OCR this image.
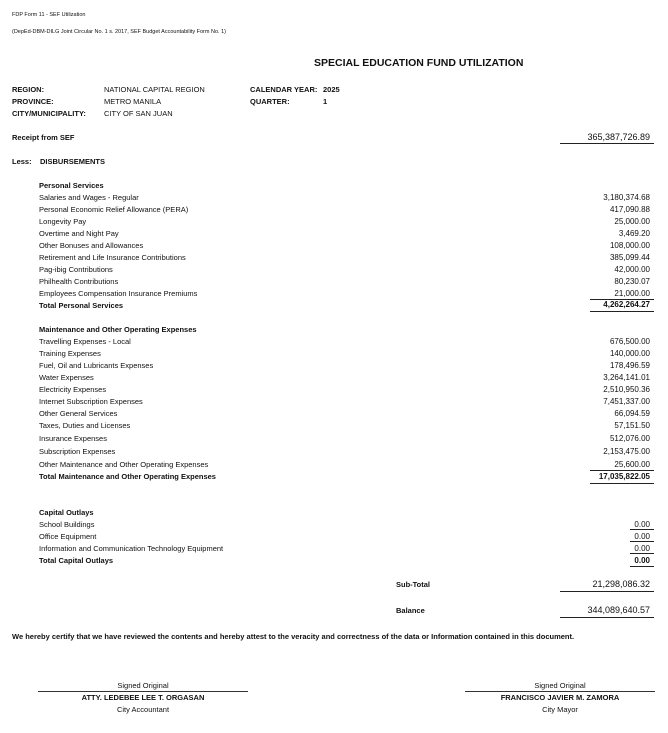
FDP Form 11 - SEF Utilization
(DepEd-DBM-DILG Joint Circular No. 1 s. 2017, SEF Budget Accountability Form No. 1)
SPECIAL EDUCATION FUND UTILIZATION
REGION:	NATIONAL CAPITAL REGION
PROVINCE:	METRO MANILA
CITY/MUNICIPALITY: CITY OF SAN JUAN
CALENDAR YEAR: 2025
QUARTER:	1
Receipt from SEF	365,387,726.89
Less: DISBURSEMENTS
Personal Services
Salaries and Wages - Regular	3,180,374.68
Personal Economic Relief Allowance (PERA)	417,090.88
Longevity Pay	25,000.00
Overtime and Night Pay	3,469.20
Other Bonuses and Allowances	108,000.00
Retirement and Life Insurance Contributions	385,099.44
Pag-ibig Contributions	42,000.00
Philhealth Contributions	80,230.07
Employees Compensation Insurance Premiums	21,000.00
Total Personal Services	4,262,264.27
Maintenance and Other Operating Expenses
Travelling Expenses - Local	676,500.00
Training Expenses	140,000.00
Fuel, Oil and Lubricants Expenses	178,496.59
Water Expenses	3,264,141.01
Electricity Expenses	2,510,950.36
Internet Subscription Expenses	7,451,337.00
Other General Services	66,094.59
Taxes, Duties and Licenses	57,151.50
Insurance Expenses	512,076.00
Subscription Expenses	2,153,475.00
Other Maintenance and Other Operating Expenses	25,600.00
Total Maintenance and Other Operating Expenses	17,035,822.05
Capital Outlays
School Buildings	0.00
Office Equipment	0.00
Information and Communication Technology Equipment	0.00
Total Capital Outlays	0.00
Sub-Total	21,298,086.32
Balance	344,089,640.57
We hereby certify that we have reviewed the contents and hereby attest to the veracity and correctness of the data or Information contained in this document.
Signed Original
ATTY. LEDEBEE LEE T. ORGASAN
City Accountant
Signed Original
FRANCISCO JAVIER M. ZAMORA
City Mayor
